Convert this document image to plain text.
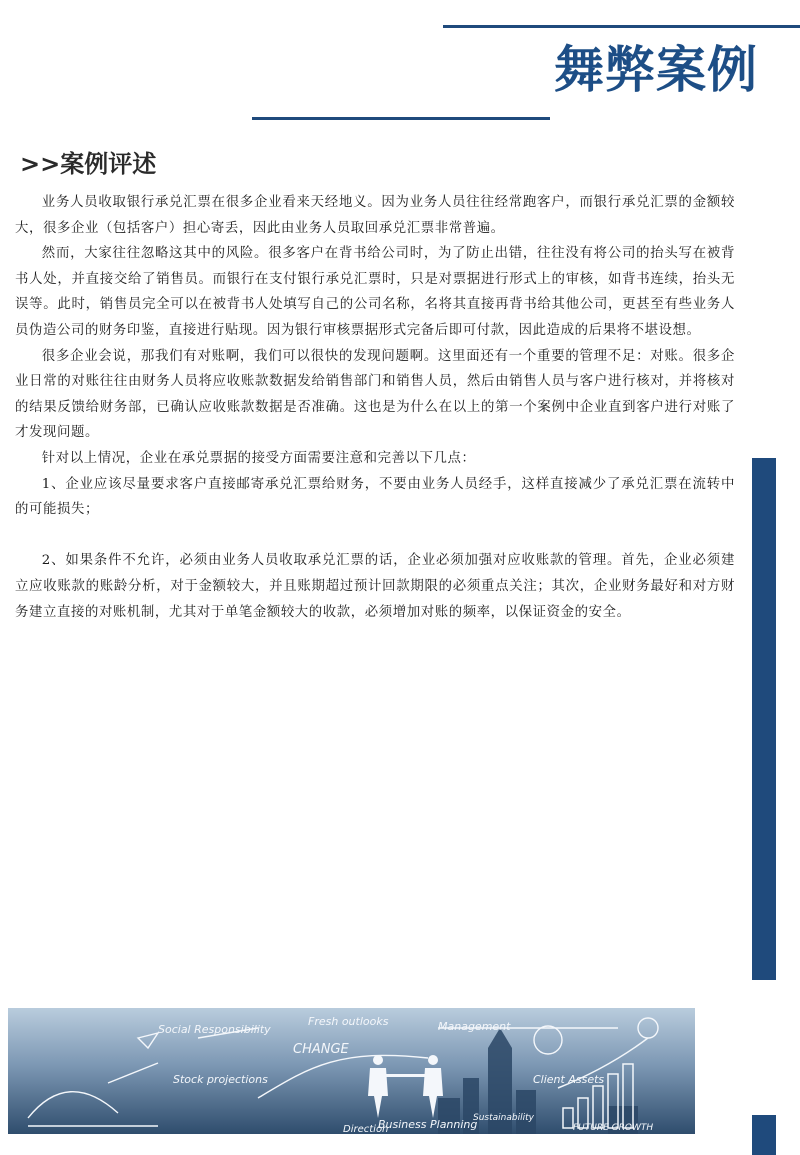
舞弊案例
>>案例评述

业务人员收取银行承兑汇票在很多企业看来天经地义。因为业务人员往往经常跑客户，而银行承兑汇票的金额较大，很多企业（包括客户）担心寄丢，因此由业务人员取回承兑汇票非常普遍。

然而，大家往往忽略这其中的风险。很多客户在背书给公司时，为了防止出错，往往没有将公司的抬头写在被背书人处，并直接交给了销售员。而银行在支付银行承兑汇票时，只是对票据进行形式上的审核，如背书连续，抬头无误等。此时，销售员完全可以在被背书人处填写自己的公司名称，名将其直接再背书给其他公司，更甚至有些业务人员伪造公司的财务印鉴，直接进行贴现。因为银行审核票据形式完备后即可付款，因此造成的后果将不堪设想。

很多企业会说，那我们有对账啊，我们可以很快的发现问题啊。这里面还有一个重要的管理不足：对账。很多企业日常的对账往往由财务人员将应收账款数据发给销售部门和销售人员，然后由销售人员与客户进行核对，并将核对的结果反馈给财务部，已确认应收账款数据是否准确。这也是为什么在以上的第一个案例中企业直到客户进行对账了才发现问题。

针对以上情况，企业在承兑票据的接受方面需要注意和完善以下几点：

1、企业应该尽量要求客户直接邮寄承兑汇票给财务，不要由业务人员经手，这样直接减少了承兑汇票在流转中的可能损失；

2、如果条件不允许，必须由业务人员收取承兑汇票的话，企业必须加强对应收账款的管理。首先，企业必须建立应收账款的账龄分析，对于金额较大，并且账期超过预计回款期限的必须重点关注；其次，企业财务最好和对方财务建立直接的对账机制，尤其对于单笔金额较大的收款，必须增加对账的频率，以保证资金的安全。

Social Responsibility
Fresh outlooks	Management
CHANGE
Stock projections	Client Assets
Business Planning
Direction
Sustainability
FUTURE GROWTH
